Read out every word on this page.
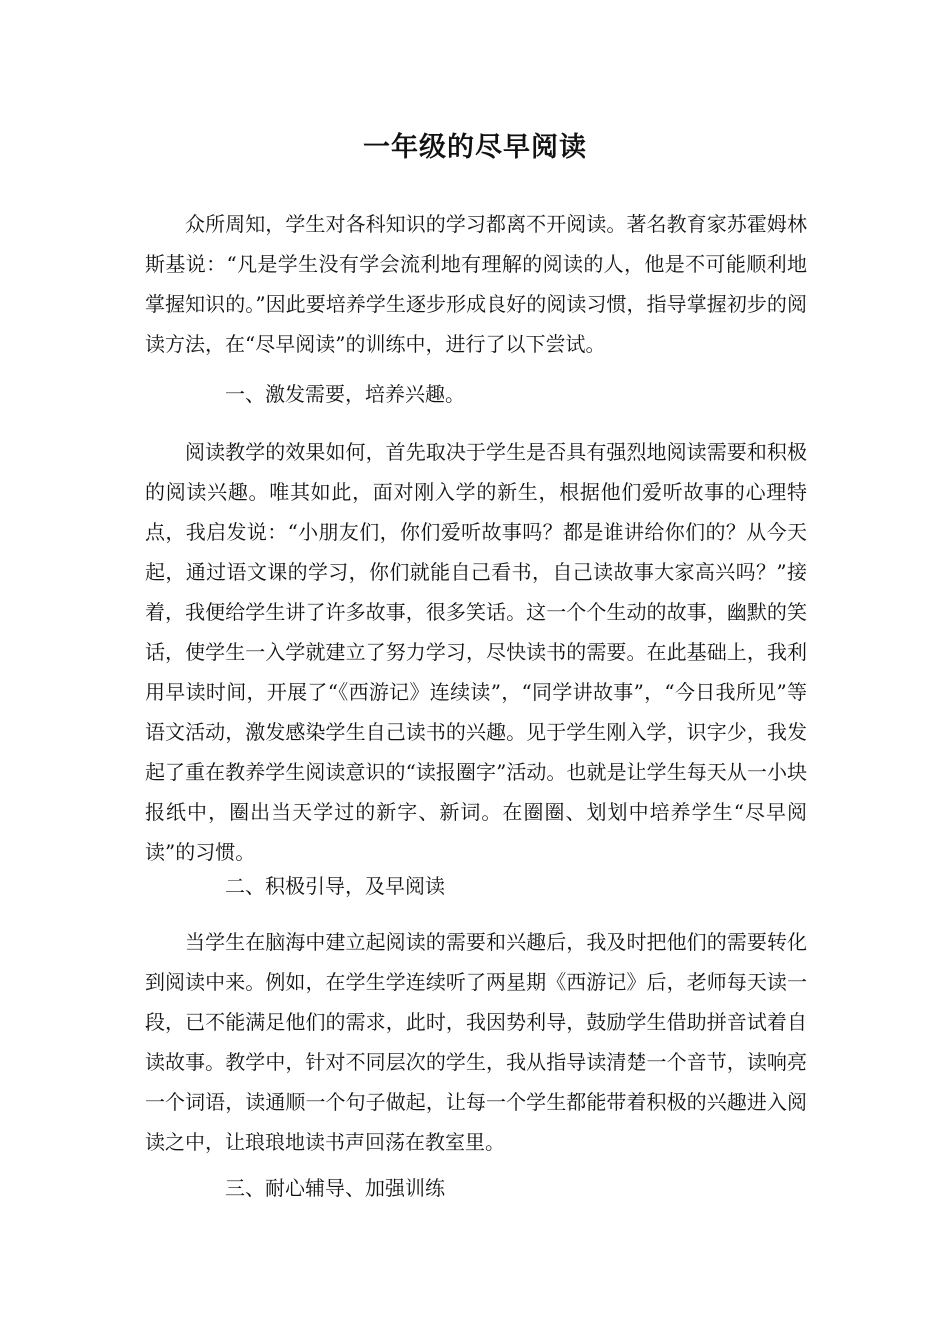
一年级的尽早阅读

众所周知，学生对各科知识的学习都离不开阅读。著名教育家苏霍姆林斯基说：“凡是学生没有学会流利地有理解的阅读的人，他是不可能顺利地掌握知识的。”因此要培养学生逐步形成良好的阅读习惯，指导掌握初步的阅读方法，在“尽早阅读”的训练中，进行了以下尝试。

一、激发需要，培养兴趣。

阅读教学的效果如何，首先取决于学生是否具有强烈地阅读需要和积极的阅读兴趣。唯其如此，面对刚入学的新生，根据他们爱听故事的心理特点，我启发说：“小朋友们，你们爱听故事吗？都是谁讲给你们的？从今天起，通过语文课的学习，你们就能自己看书，自己读故事大家高兴吗？”接着，我便给学生讲了许多故事，很多笑话。这一个个生动的故事，幽默的笑话，使学生一入学就建立了努力学习，尽快读书的需要。在此基础上，我利用早读时间，开展了“《西游记》连续读”，“同学讲故事”，“今日我所见”等语文活动，激发感染学生自己读书的兴趣。见于学生刚入学，识字少，我发起了重在教养学生阅读意识的“读报圈字”活动。也就是让学生每天从一小块报纸中，圈出当天学过的新字、新词。在圈圈、划划中培养学生“尽早阅读”的习惯。

二、积极引导，及早阅读

当学生在脑海中建立起阅读的需要和兴趣后，我及时把他们的需要转化到阅读中来。例如，在学生学连续听了两星期《西游记》后，老师每天读一段，已不能满足他们的需求，此时，我因势利导，鼓励学生借助拼音试着自读故事。教学中，针对不同层次的学生，我从指导读清楚一个音节，读响亮一个词语，读通顺一个句子做起，让每一个学生都能带着积极的兴趣进入阅读之中，让琅琅地读书声回荡在教室里。

三、耐心辅导、加强训练
